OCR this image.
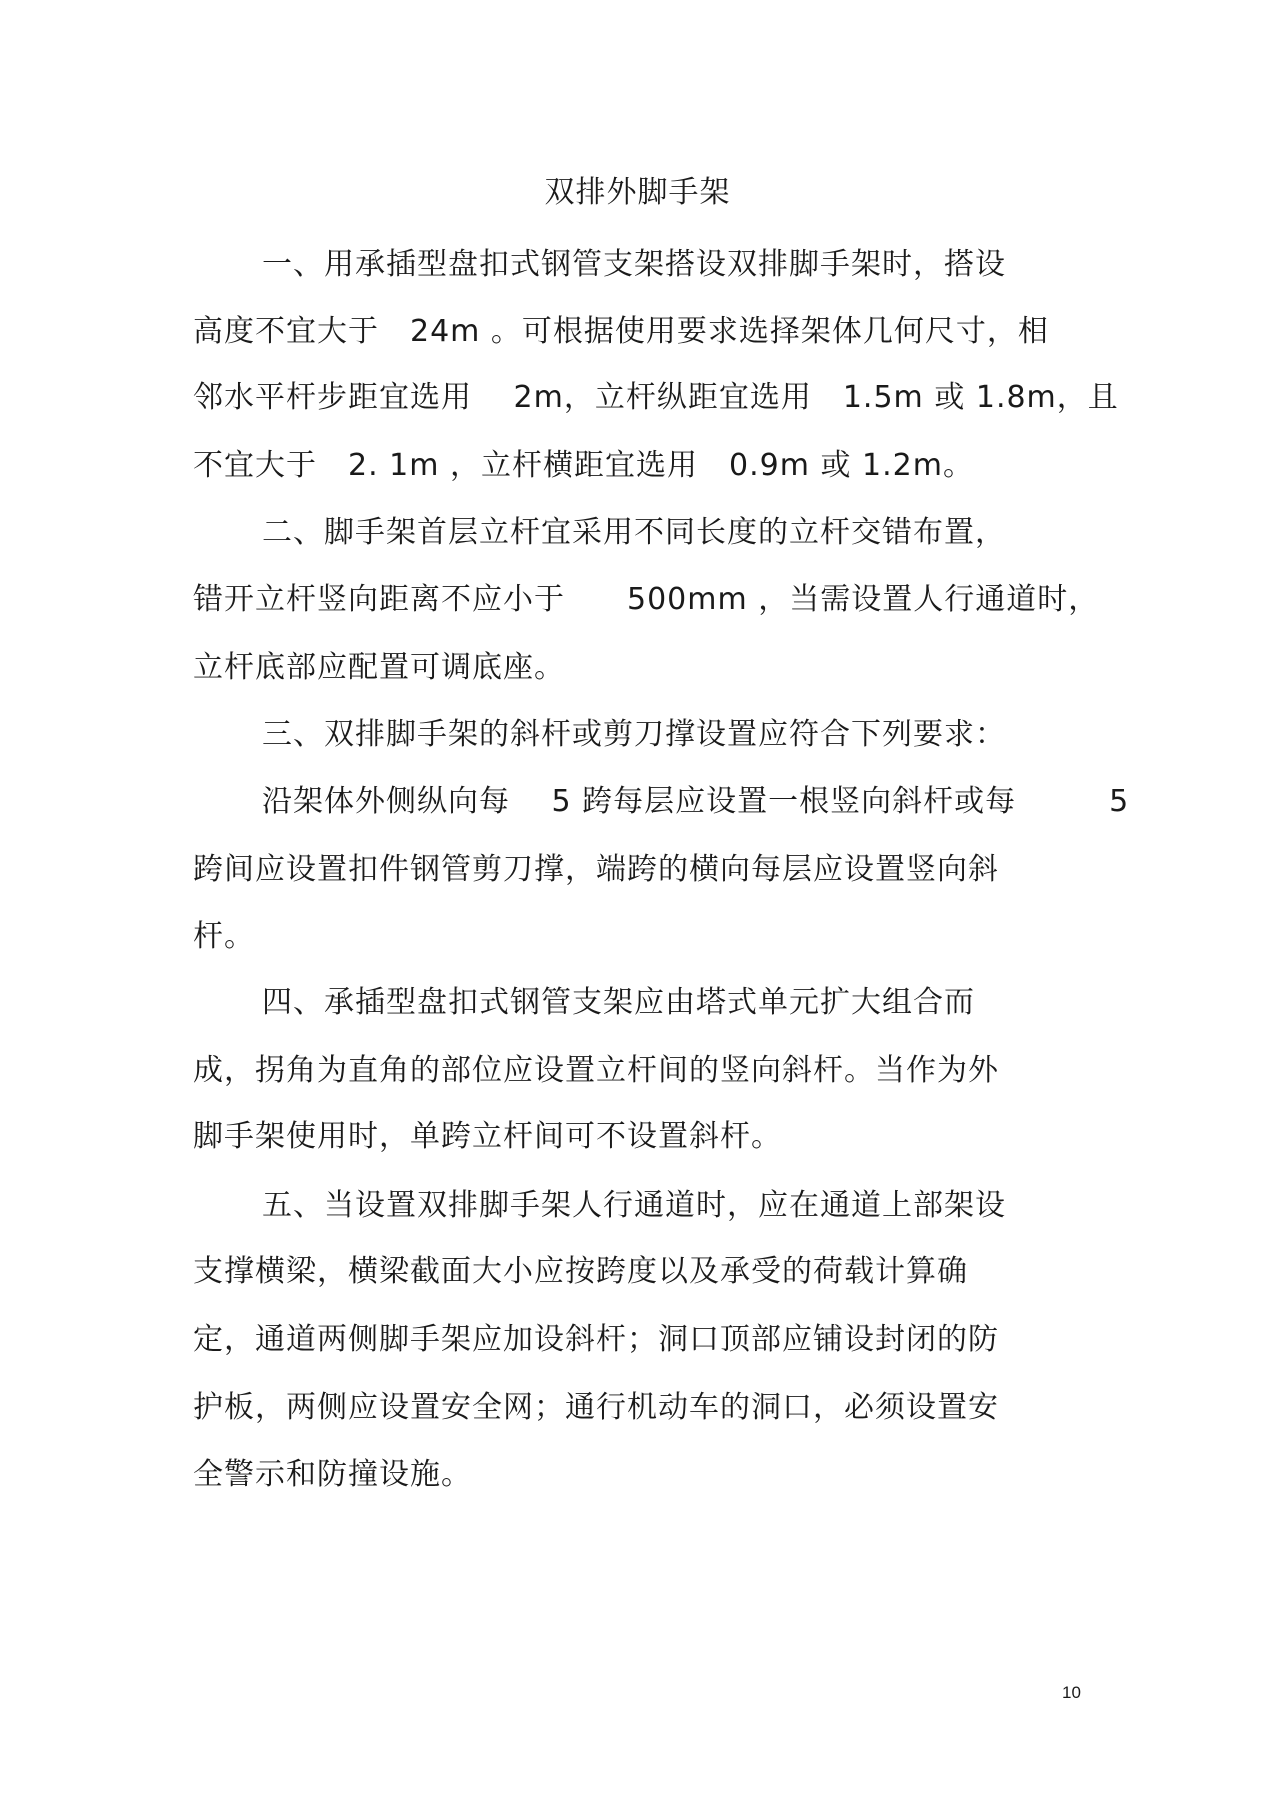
双排外脚手架
一、用承插型盘扣式钢管支架搭设双排脚手架时，搭设
高度不宜大于　24m 。可根据使用要求选择架体几何尺寸，相
邻水平杆步距宜选用　 2m，立杆纵距宜选用　1.5m 或 1.8m，且
不宜大于　2. 1m ，立杆横距宜选用　0.9m 或 1.2m。
二、脚手架首层立杆宜采用不同长度的立杆交错布置，
错开立杆竖向距离不应小于　　500mm ，当需设置人行通道时，
立杆底部应配置可调底座。
三、双排脚手架的斜杆或剪刀撑设置应符合下列要求：
沿架体外侧纵向每　 5 跨每层应设置一根竖向斜杆或每　　　5
跨间应设置扣件钢管剪刀撑，端跨的横向每层应设置竖向斜
杆。
四、承插型盘扣式钢管支架应由塔式单元扩大组合而
成，拐角为直角的部位应设置立杆间的竖向斜杆。当作为外
脚手架使用时，单跨立杆间可不设置斜杆。
五、当设置双排脚手架人行通道时，应在通道上部架设
支撑横梁，横梁截面大小应按跨度以及承受的荷载计算确
定，通道两侧脚手架应加设斜杆；洞口顶部应铺设封闭的防
护板，两侧应设置安全网；通行机动车的洞口，必须设置安
全警示和防撞设施。
10
